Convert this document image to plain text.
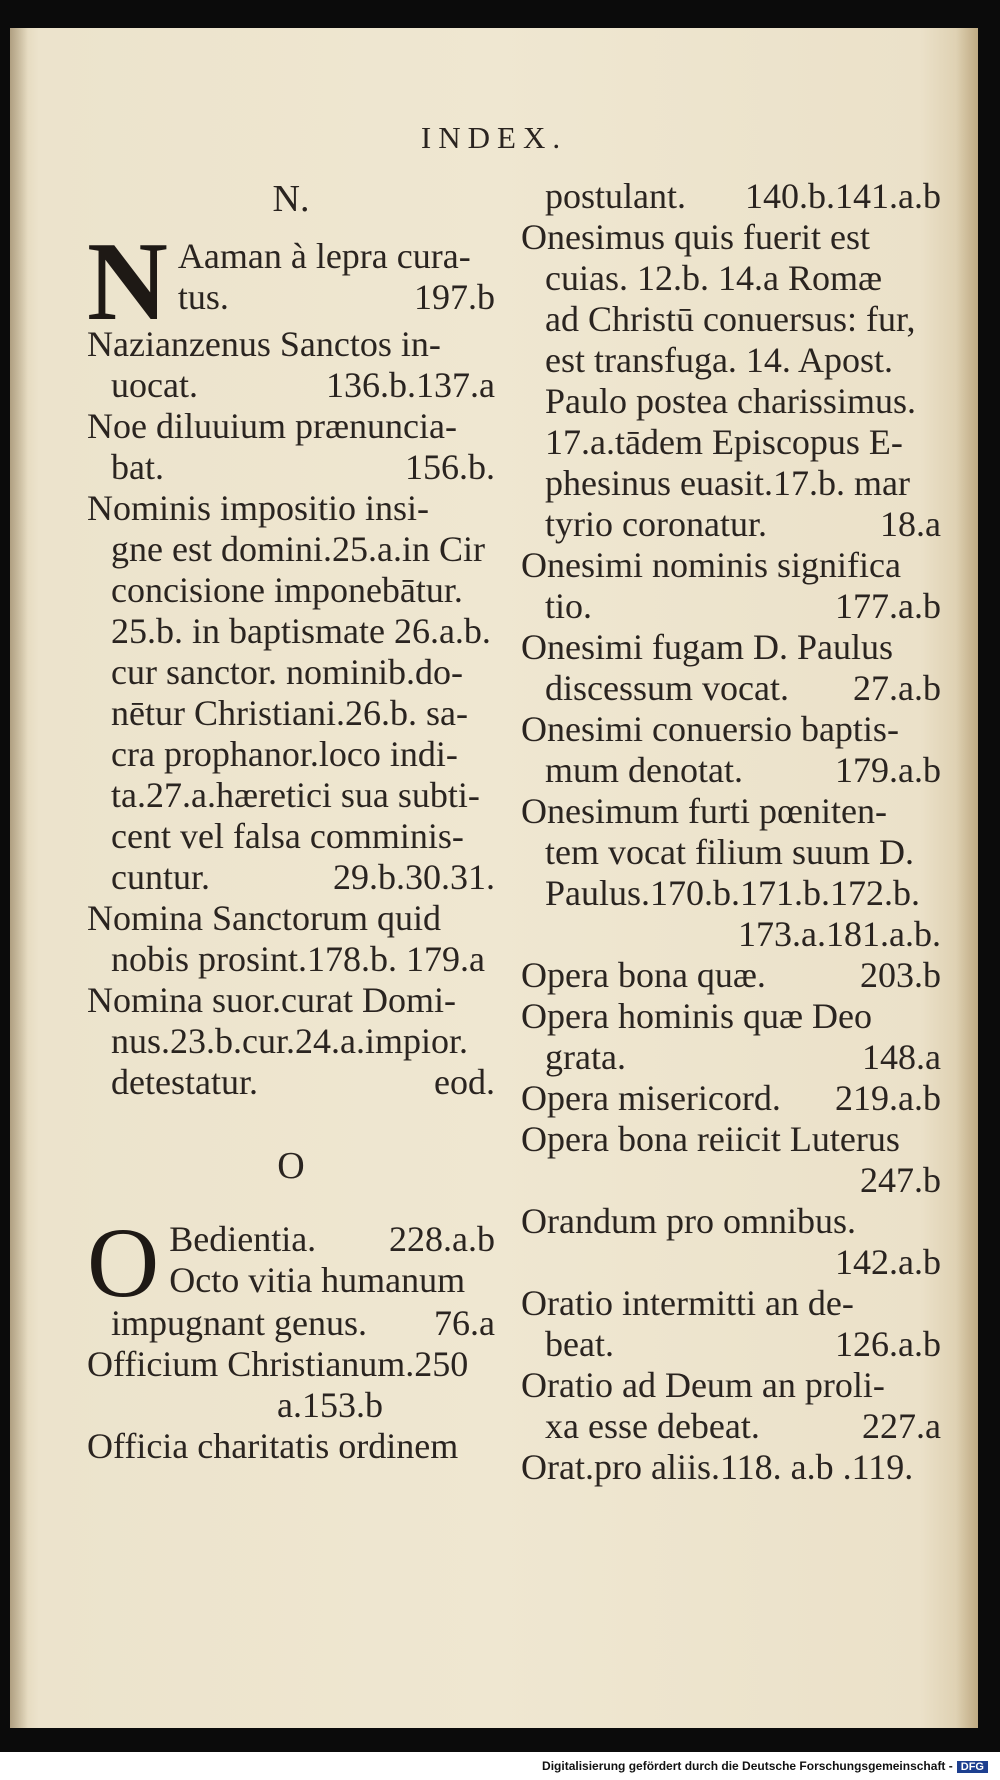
INDEX.
N.
N Aaman à lepra cura-
tus.	197.b
Nazianzenus Sanctos in-
uocat.	136.b.137.a
Noe diluuium prænuncia-
bat.	156.b.
Nominis impositio insi-
gne est domini.25.a.in Cir
concisione imponebātur.
25.b. in baptismate 26.a.b.
cur sanctor. nominib.do-
nētur Christiani.26.b. sa-
cra prophanor.loco indi-
ta.27.a.hæretici sua subti-
cent vel falsa comminis-
cuntur.	29.b.30.31.
Nomina Sanctorum quid
nobis prosint.178.b. 179.a
Nomina suor.curat Domi-
nus.23.b.cur.24.a.impior.
detestatur.	eod.
O
O Bedientia. 228.a.b
Octo vitia humanum
impugnant genus. 76.a
Officium Christianum.250
a.153.b
Officia charitatis ordinem
postulant. 140.b.141.a.b
Onesimus quis fuerit est
cuias. 12.b. 14.a Romæ
ad Christū conuersus: fur,
est transfuga. 14. Apost.
Paulo postea charissimus.
17.a.tādem Episcopus E-
phesinus euasit.17.b. mar
tyrio coronatur.	18.a
Onesimi nominis significa
tio.	177.a.b
Onesimi fugam D. Paulus
discessum vocat. 27.a.b
Onesimi conuersio baptis-
mum denotat.	179.a.b
Onesimum furti pœniten-
tem vocat filium suum D.
Paulus.170.b.171.b.172.b.
173.a.181.a.b.
Opera bona quæ.	203.b
Opera hominis quæ Deo
grata.	148.a
Opera misericord. 219.a.b
Opera bona reiicit Luterus
247.b
Orandum pro omnibus.
142.a.b
Oratio intermitti an de-
beat.	126.a.b
Oratio ad Deum an proli-
xa esse debeat.	227.a
Orat.pro aliis.118. a.b .119.
Digitalisierung gefördert durch die Deutsche Forschungsgemeinschaft - DFG
